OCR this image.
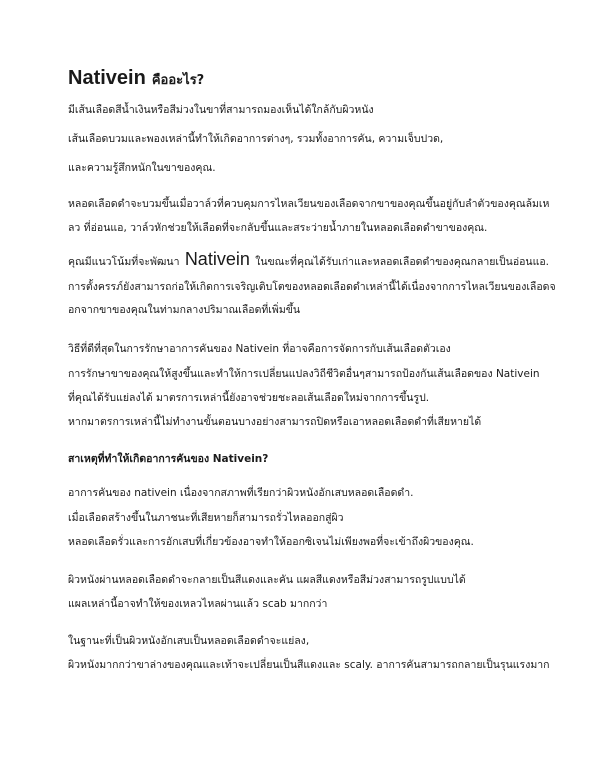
Nativein คืออะไร?
มีเส้นเลือดสีน้ำเงินหรือสีม่วงในขาที่สามารถมองเห็นได้ใกล้กับผิวหนัง
เส้นเลือดบวมและพองเหล่านี้ทำให้เกิดอาการต่างๆ, รวมทั้งอาการคัน, ความเจ็บปวด,
และความรู้สึกหนักในขาของคุณ.
หลอดเลือดดำจะบวมขึ้นเมื่อวาล์วที่ควบคุมการไหลเวียนของเลือดจากขาของคุณขึ้นอยู่กับลำตัวของคุณล้มเห
ลว ที่อ่อนแอ, วาล์วหักช่วยให้เลือดที่จะกลับขึ้นและสระว่ายน้ำภายในหลอดเลือดดำขาของคุณ.
คุณมีแนวโน้มที่จะพัฒนา Nativein ในขณะที่คุณได้รับเก่าและหลอดเลือดดำของคุณกลายเป็นอ่อนแอ.
การตั้งครรภ์ยังสามารถก่อให้เกิดการเจริญเติบโตของหลอดเลือดดำเหล่านี้ได้เนื่องจากการไหลเวียนของเลือดจ
อกจากขาของคุณในท่ามกลางปริมาณเลือดที่เพิ่มขึ้น
วิธีที่ดีที่สุดในการรักษาอาการคันของ Nativein ที่อาจคือการจัดการกับเส้นเลือดตัวเอง
การรักษาขาของคุณให้สูงขึ้นและทำให้การเปลี่ยนแปลงวิถีชีวิตอื่นๆสามารถป้องกันเส้นเลือดของ Nativein
ที่คุณได้รับแย่ลงได้ มาตรการเหล่านี้ยังอาจช่วยชะลอเส้นเลือดใหม่จากการขึ้นรูป.
หากมาตรการเหล่านี้ไม่ทำงานขั้นตอนบางอย่างสามารถปิดหรือเอาหลอดเลือดดำที่เสียหายได้
สาเหตุที่ทำให้เกิดอาการคันของ Nativein?
อาการคันของ nativein เนื่องจากสภาพที่เรียกว่าผิวหนังอักเสบหลอดเลือดดำ.
เมื่อเลือดสร้างขึ้นในภาชนะที่เสียหายก็สามารถรั่วไหลออกสู่ผิว
หลอดเลือดรั่วและการอักเสบที่เกี่ยวข้องอาจทำให้ออกซิเจนไม่เพียงพอที่จะเข้าถึงผิวของคุณ.
ผิวหนังผ่านหลอดเลือดดำจะกลายเป็นสีแดงและคัน แผลสีแดงหรือสีม่วงสามารถรูปแบบได้
แผลเหล่านี้อาจทำให้ของเหลวไหลผ่านแล้ว scab มากกว่า
ในฐานะที่เป็นผิวหนังอักเสบเป็นหลอดเลือดดำจะแย่ลง,
ผิวหนังมากกว่าขาล่างของคุณและเท้าจะเปลี่ยนเป็นสีแดงและ scaly. อาการคันสามารถกลายเป็นรุนแรงมาก
